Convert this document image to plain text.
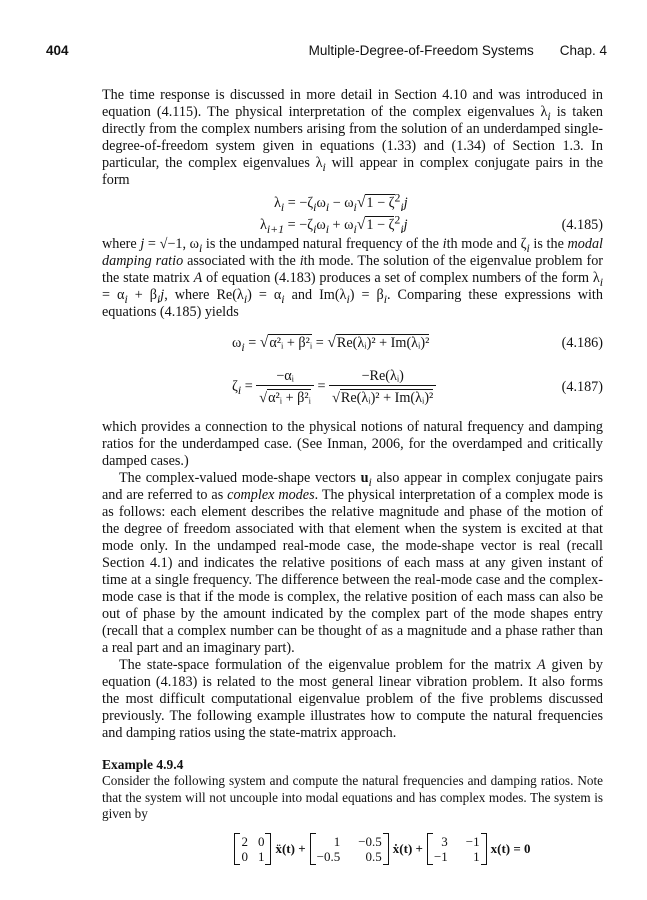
404	Multiple-Degree-of-Freedom Systems Chap. 4

The time response is discussed in more detail in Section 4.10 and was introduced in equation (4.115). The physical interpretation of the complex eigenvalues $\lambda_i$ is taken directly from the complex numbers arising from the solution of an underdamped single-degree-of-freedom system given in equations (1.33) and (1.34) of Section 1.3. In particular, the complex eigenvalues $\lambda_i$ will appear in complex conjugate pairs in the form

$\lambda_i = -\zeta_i\omega_i - \omega_i√1 - \zeta^2_ij$
$\lambda_{i+1} = -\zeta_i\omega_i + \omega_i√1 - \zeta^2_ij$	(4.185)

where j = √−1, $\omega_i$ is the undamped natural frequency of the ith mode and $\zeta_i$ is the modal damping ratio associated with the ith mode. The solution of the eigenvalue problem for the state matrix A of equation (4.183) produces a set of complex numbers of the form $\lambda_i = \alpha_i + \beta_ij$, where $Re(\lambda_i) = \alpha_i$ and $Im(\lambda_i) = \beta_i$. Comparing these expressions with equations (4.185) yields

$\omega_i$ = √α²ᵢ + β²ᵢ = √Re(λᵢ)² + Im(λᵢ)²	(4.186)
$\zeta_i = \frac{\text{−αᵢ}}{\text{√α²ᵢ + β²ᵢ}} = \frac{\text{−Re(λᵢ)}}{\text{√Re(λᵢ)² + Im(λᵢ)²}}$	(4.187)

which provides a connection to the physical notions of natural frequency and damping ratios for the underdamped case. (See Inman, 2006, for the overdamped and critically damped cases.)

The complex-valued mode-shape vectors $u_i$ also appear in complex conjugate pairs and are referred to as complex modes. The physical interpretation of a complex mode is as follows: each element describes the relative magnitude and phase of the motion of the degree of freedom associated with that element when the system is excited at that mode only. In the undamped real-mode case, the mode-shape vector is real (recall Section 4.1) and indicates the relative positions of each mass at any given instant of time at a single frequency. The difference between the real-mode case and the complex-mode case is that if the mode is complex, the relative position of each mass can also be out of phase by the amount indicated by the complex part of the mode shapes entry (recall that a complex number can be thought of as a magnitude and a phase rather than a real part and an imaginary part).

The state-space formulation of the eigenvalue problem for the matrix A given by equation (4.183) is related to the most general linear vibration problem. It also forms the most difficult computational eigenvalue problem of the five problems discussed previously. The following example illustrates how to compute the natural frequencies and damping ratios using the state-matrix approach.

Example 4.9.4

Consider the following system and compute the natural frequencies and damping ratios. Note that the system will not uncouple into modal equations and has complex modes. The system is given by

2 0
0 1 ẍ(t) +	1 −0.5
−0.5	0.5 ẋ(t) +	3 −1
−1	1 x(t) = 0
